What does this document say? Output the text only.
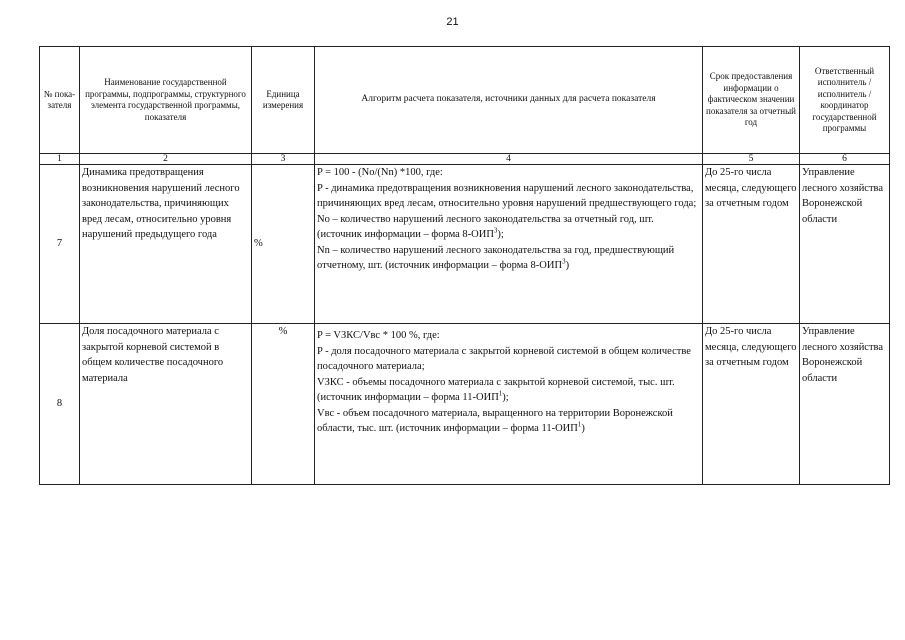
21
№ пока-зателя	Наименование государственной программы, подпрограммы, структурного элемента государственной программы, показателя	Единица измерения	Алгоритм расчета показателя, источники данных для расчета показателя	Срок предоставления информации о фактическом значении показателя за отчетный год	Ответственный исполнитель / исполнитель / координатор государственной программы
1	2	3	4	5	6
7	Динамика предотвращения возникновения нарушений лесного законодательства, причиняющих вред лесам, относительно уровня нарушений предыдущего года	%	P = 100 - (No/(Nn) *100, где:
P - динамика предотвращения возникновения нарушений лесного законодательства, причиняющих вред лесам, относительно уровня нарушений предшествующего года;
No – количество нарушений лесного законодательства за отчетный год, шт. (источник информации – форма 8-ОИП$^3$);
Nn – количество нарушений лесного законодательства за год, предшествующий отчетному, шт. (источник информации – форма 8-ОИП$^3$)	До 25-го числа месяца, следующего за отчетным годом	Управление лесного хозяйства Воронежской области
8	Доля посадочного материала с закрытой корневой системой в общем количестве посадочного материала	%	P = VЗКС/Vвс * 100 %, где:
P - доля посадочного материала с закрытой корневой системой в общем количестве посадочного материала;
VЗКС - объемы посадочного материала с закрытой корневой системой, тыс. шт. (источник информации – форма 11-ОИП$^1$);
Vвс - объем посадочного материала, выращенного на территории Воронежской области, тыс. шт. (источник информации – форма 11-ОИП$^1$)	До 25-го числа месяца, следующего за отчетным годом	Управление лесного хозяйства Воронежской области
